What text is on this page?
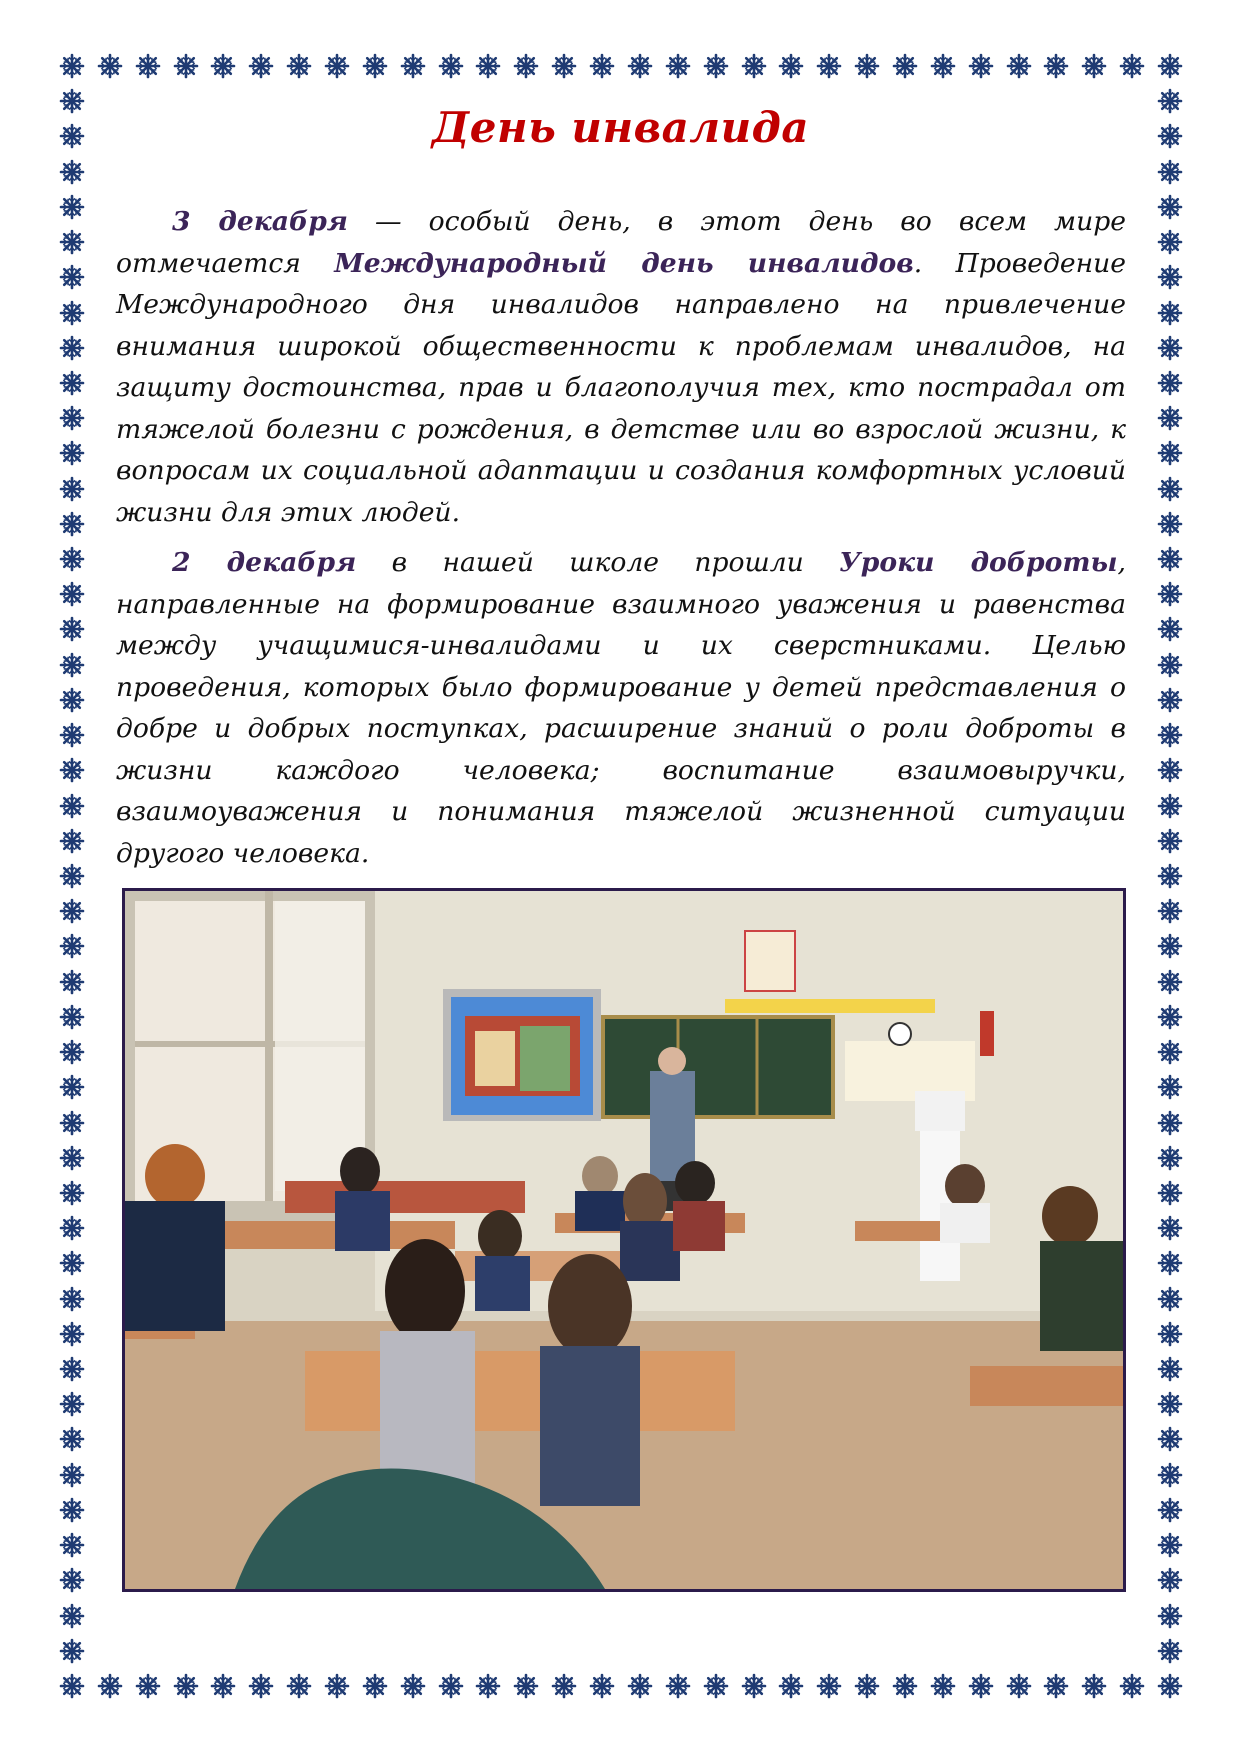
День инвалида

3 декабря — особый день, в этот день во всем мире отмечается Международный день инвалидов. Проведение Международного дня инвалидов направлено на привлечение внимания широкой общественности к проблемам инвалидов, на защиту достоинства, прав и благополучия тех, кто пострадал от тяжелой болезни с рождения, в детстве или во взрослой жизни, к вопросам их социальной адаптации и создания комфортных условий жизни для этих людей.

2 декабря в нашей школе прошли Уроки доброты, направленные на формирование взаимного уважения и равенства между учащимися-инвалидами и их сверстниками. Целью проведения, которых было формирование у детей представления о добре и добрых поступках, расширение знаний о роли доброты в жизни каждого человека; воспитание взаимовыручки, взаимоуважения и понимания тяжелой жизненной ситуации другого человека.
